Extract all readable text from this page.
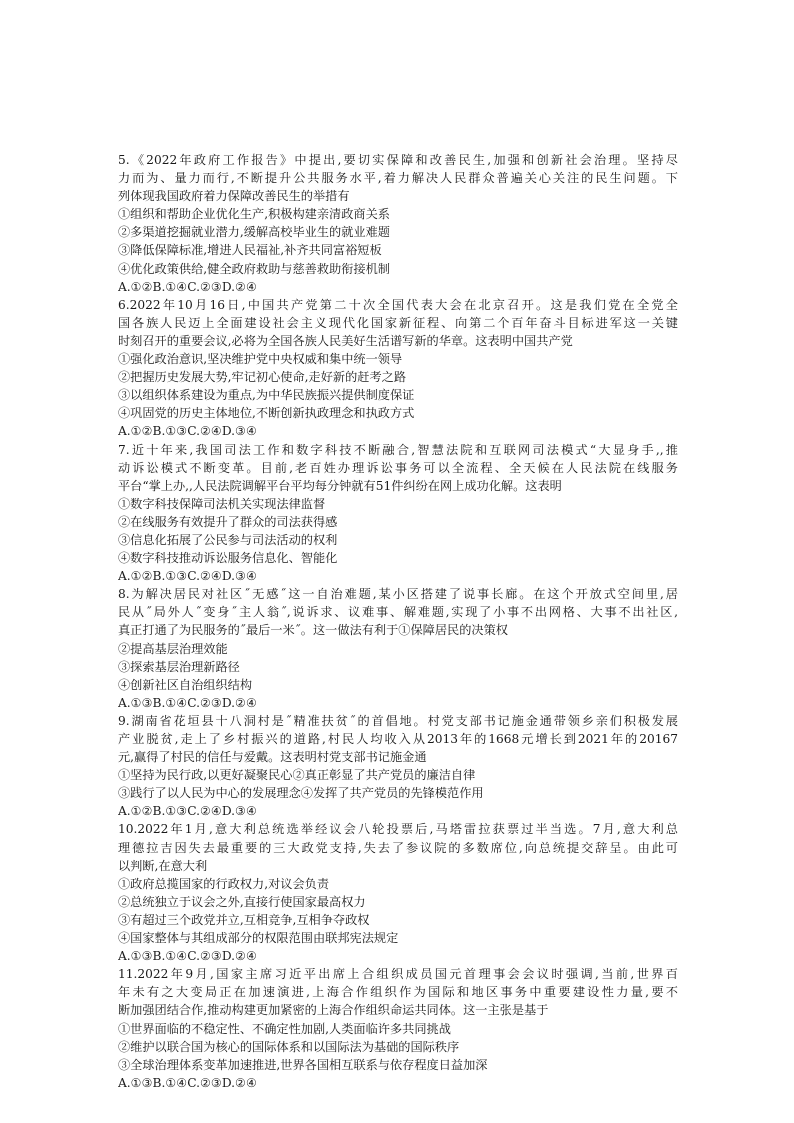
5.《2022年政府工作报告》中提出,要切实保障和改善民生,加强和创新社会治理。坚持尽

力而为、量力而行,不断提升公共服务水平,着力解决人民群众普遍关心关注的民生问题。下

列体现我国政府着力保障改善民生的举措有

①组织和帮助企业优化生产,积极构建亲清政商关系

②多渠道挖掘就业潜力,缓解高校毕业生的就业难题

③降低保障标准,增进人民福祉,补齐共同富裕短板

④优化政策供给,健全政府救助与慈善救助衔接机制

A.①②B.①④C.②③D.②④

6.2022年10月16日,中国共产党第二十次全国代表大会在北京召开。这是我们党在全党全

国各族人民迈上全面建设社会主义现代化国家新征程、向第二个百年奋斗目标进军这一关键

时刻召开的重要会议,必将为全国各族人民美好生活谱写新的华章。这表明中国共产党

①强化政治意识,坚决维护党中央权威和集中统一领导

②把握历史发展大势,牢记初心使命,走好新的赶考之路

③以组织体系建设为重点,为中华民族振兴提供制度保证

④巩固党的历史主体地位,不断创新执政理念和执政方式

A.①②B.①③C.②④D.③④

7.近十年来,我国司法工作和数字科技不断融合,智慧法院和互联网司法模式“大显身手,,推

动诉讼模式不断变革。目前,老百姓办理诉讼事务可以全流程、全天候在人民法院在线服务

平台“掌上办,,人民法院调解平台平均每分钟就有51件纠纷在网上成功化解。这表明

①数字科技保障司法机关实现法律监督

②在线服务有效提升了群众的司法获得感

③信息化拓展了公民参与司法活动的权利

④数字科技推动诉讼服务信息化、智能化

A.①②B.①③C.②④D.③④

8.为解决居民对社区˝无感˝这一自治难题,某小区搭建了说事长廊。在这个开放式空间里,居

民从˝局外人˝变身˝主人翁˝,说诉求、议难事、解难题,实现了小事不出网格、大事不出社区,

真正打通了为民服务的˝最后一米˝。这一做法有利于①保障居民的决策权

②提高基层治理效能

③探索基层治理新路径

④创新社区自治组织结构

A.①③B.①④C.②③D.②④

9.湖南省花垣县十八洞村是˝精准扶贫˝的首倡地。村党支部书记施金通带领乡亲们积极发展

产业脱贫,走上了乡村振兴的道路,村民人均收入从2013年的1668元增长到2021年的20167

元,赢得了村民的信任与爱戴。这表明村党支部书记施金通

①坚持为民行政,以更好凝聚民心②真正彰显了共产党员的廉洁自律

③践行了以人民为中心的发展理念④发挥了共产党员的先锋模范作用

A.①②B.①③C.②④D.③④

10.2022年1月,意大利总统选举经议会八轮投票后,马塔雷拉获票过半当选。7月,意大利总

理德拉吉因失去最重要的三大政党支持,失去了参议院的多数席位,向总统提交辞呈。由此可

以判断,在意大利

①政府总揽国家的行政权力,对议会负责

②总统独立于议会之外,直接行使国家最高权力

③有超过三个政党并立,互相竞争,互相争夺政权

④国家整体与其组成部分的权限范围由联邦宪法规定

A.①③B.①④C.②③D.②④

11.2022年9月,国家主席习近平出席上合组织成员国元首理事会会议时强调,当前,世界百

年未有之大变局正在加速演进,上海合作组织作为国际和地区事务中重要建设性力量,要不

断加强团结合作,推动构建更加紧密的上海合作组织命运共同体。这一主张是基于

①世界面临的不稳定性、不确定性加剧,人类面临许多共同挑战

②维护以联合国为核心的国际体系和以国际法为基础的国际秩序

③全球治理体系变革加速推进,世界各国相互联系与依存程度日益加深

A.①③B.①④C.②③D.②④
